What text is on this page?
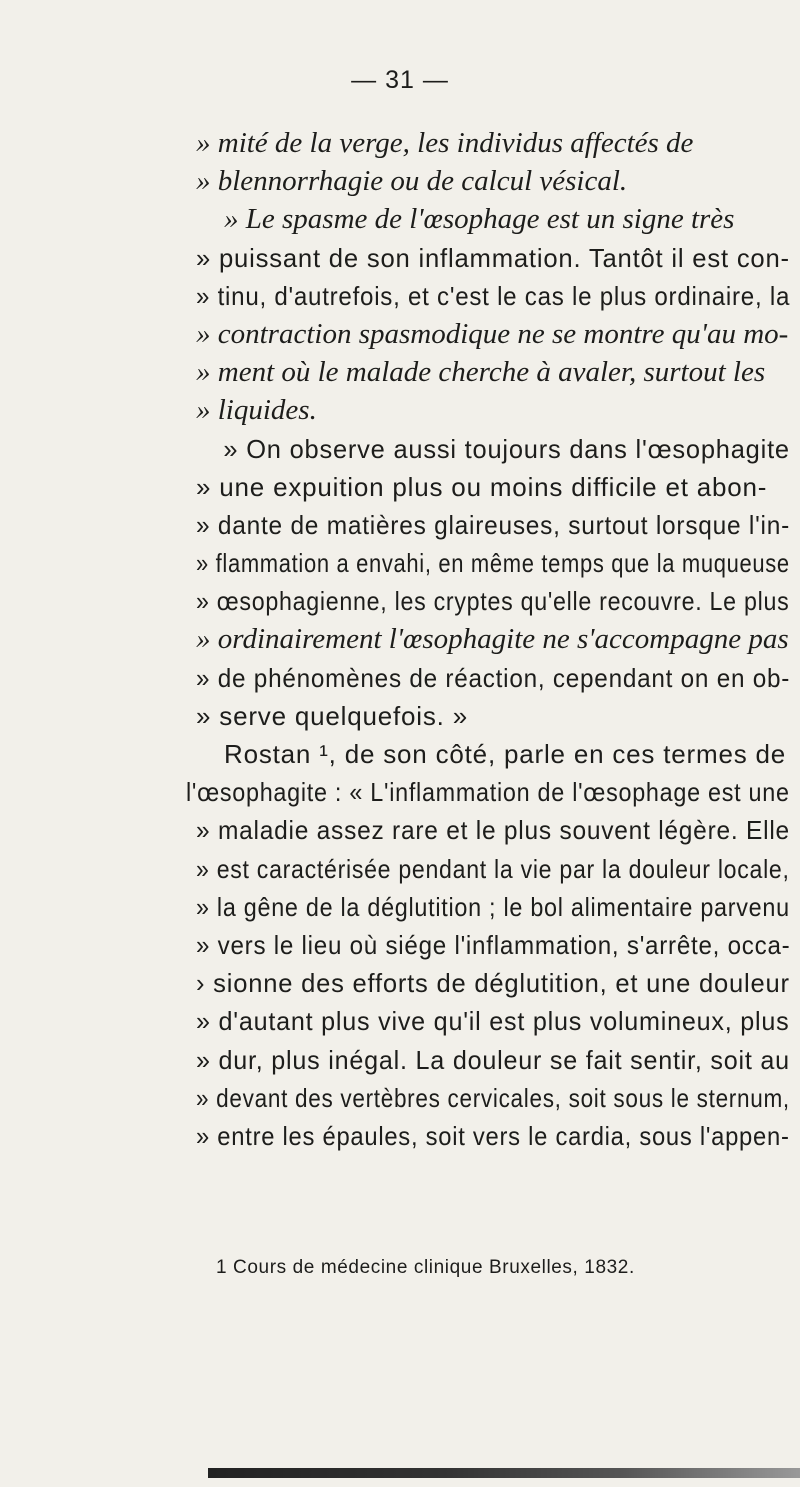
— 31 —
» mité de la verge, les individus affectés de
» blennorrhagie ou de calcul vésical.
» Le spasme de l'œsophage est un signe très
» puissant de son inflammation. Tantôt il est con-
» tinu, d'autrefois, et c'est le cas le plus ordinaire, la
» contraction spasmodique ne se montre qu'au mo-
» ment où le malade cherche à avaler, surtout les
» liquides.
» On observe aussi toujours dans l'œsophagite
» une expuition plus ou moins difficile et abon-
» dante de matières glaireuses, surtout lorsque l'in-
» flammation a envahi, en même temps que la muqueuse
» œsophagienne, les cryptes qu'elle recouvre. Le plus
» ordinairement l'œsophagite ne s'accompagne pas
» de phénomènes de réaction, cependant on en ob-
» serve quelquefois. »
Rostan ¹, de son côté, parle en ces termes de
l'œsophagite : « L'inflammation de l'œsophage est une
» maladie assez rare et le plus souvent légère. Elle
» est caractérisée pendant la vie par la douleur locale,
» la gêne de la déglutition ; le bol alimentaire parvenu
» vers le lieu où siége l'inflammation, s'arrête, occa-
› sionne des efforts de déglutition, et une douleur
» d'autant plus vive qu'il est plus volumineux, plus
» dur, plus inégal. La douleur se fait sentir, soit au
» devant des vertèbres cervicales, soit sous le sternum,
» entre les épaules, soit vers le cardia, sous l'appen-
1 Cours de médecine clinique Bruxelles, 1832.
